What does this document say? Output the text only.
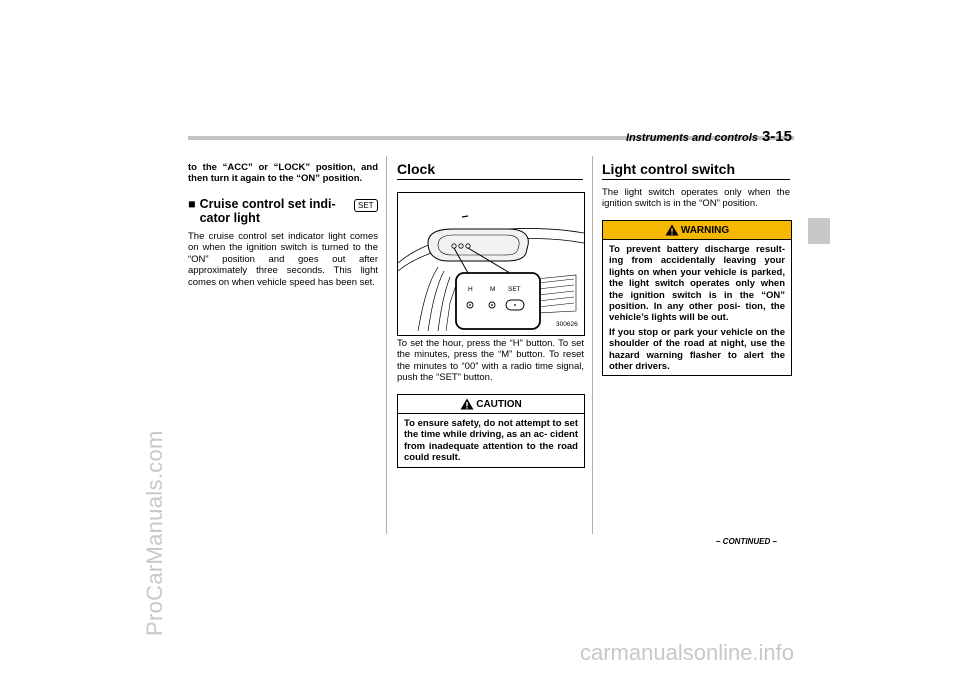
ProCarManuals.com
carmanualsonline.info
Instruments and controls 3-15
to the “ACC” or “LOCK” position, and then turn it again to the “ON” position.
■ Cruise control set indi- cator light
SET
The cruise control set indicator light comes on when the ignition switch is turned to the “ON” position and goes out after approximately three seconds. This light comes on when vehicle speed has been set.
Clock
H	M SET
300626
To set the hour, press the “H” button. To set the minutes, press the “M” button. To reset the minutes to “00” with a radio time signal, push the “SET” button.
CAUTION
To ensure safety, do not attempt to set the time while driving, as an ac- cident from inadequate attention to the road could result.
Light control switch
The light switch operates only when the ignition switch is in the “ON” position.
WARNING
To prevent battery discharge result- ing from accidentally leaving your lights on when your vehicle is parked, the light switch operates only when the ignition switch is in the “ON” position. In any other posi- tion, the vehicle’s lights will be out.
If you stop or park your vehicle on the shoulder of the road at night, use the hazard warning flasher to alert the other drivers.
– CONTINUED –
